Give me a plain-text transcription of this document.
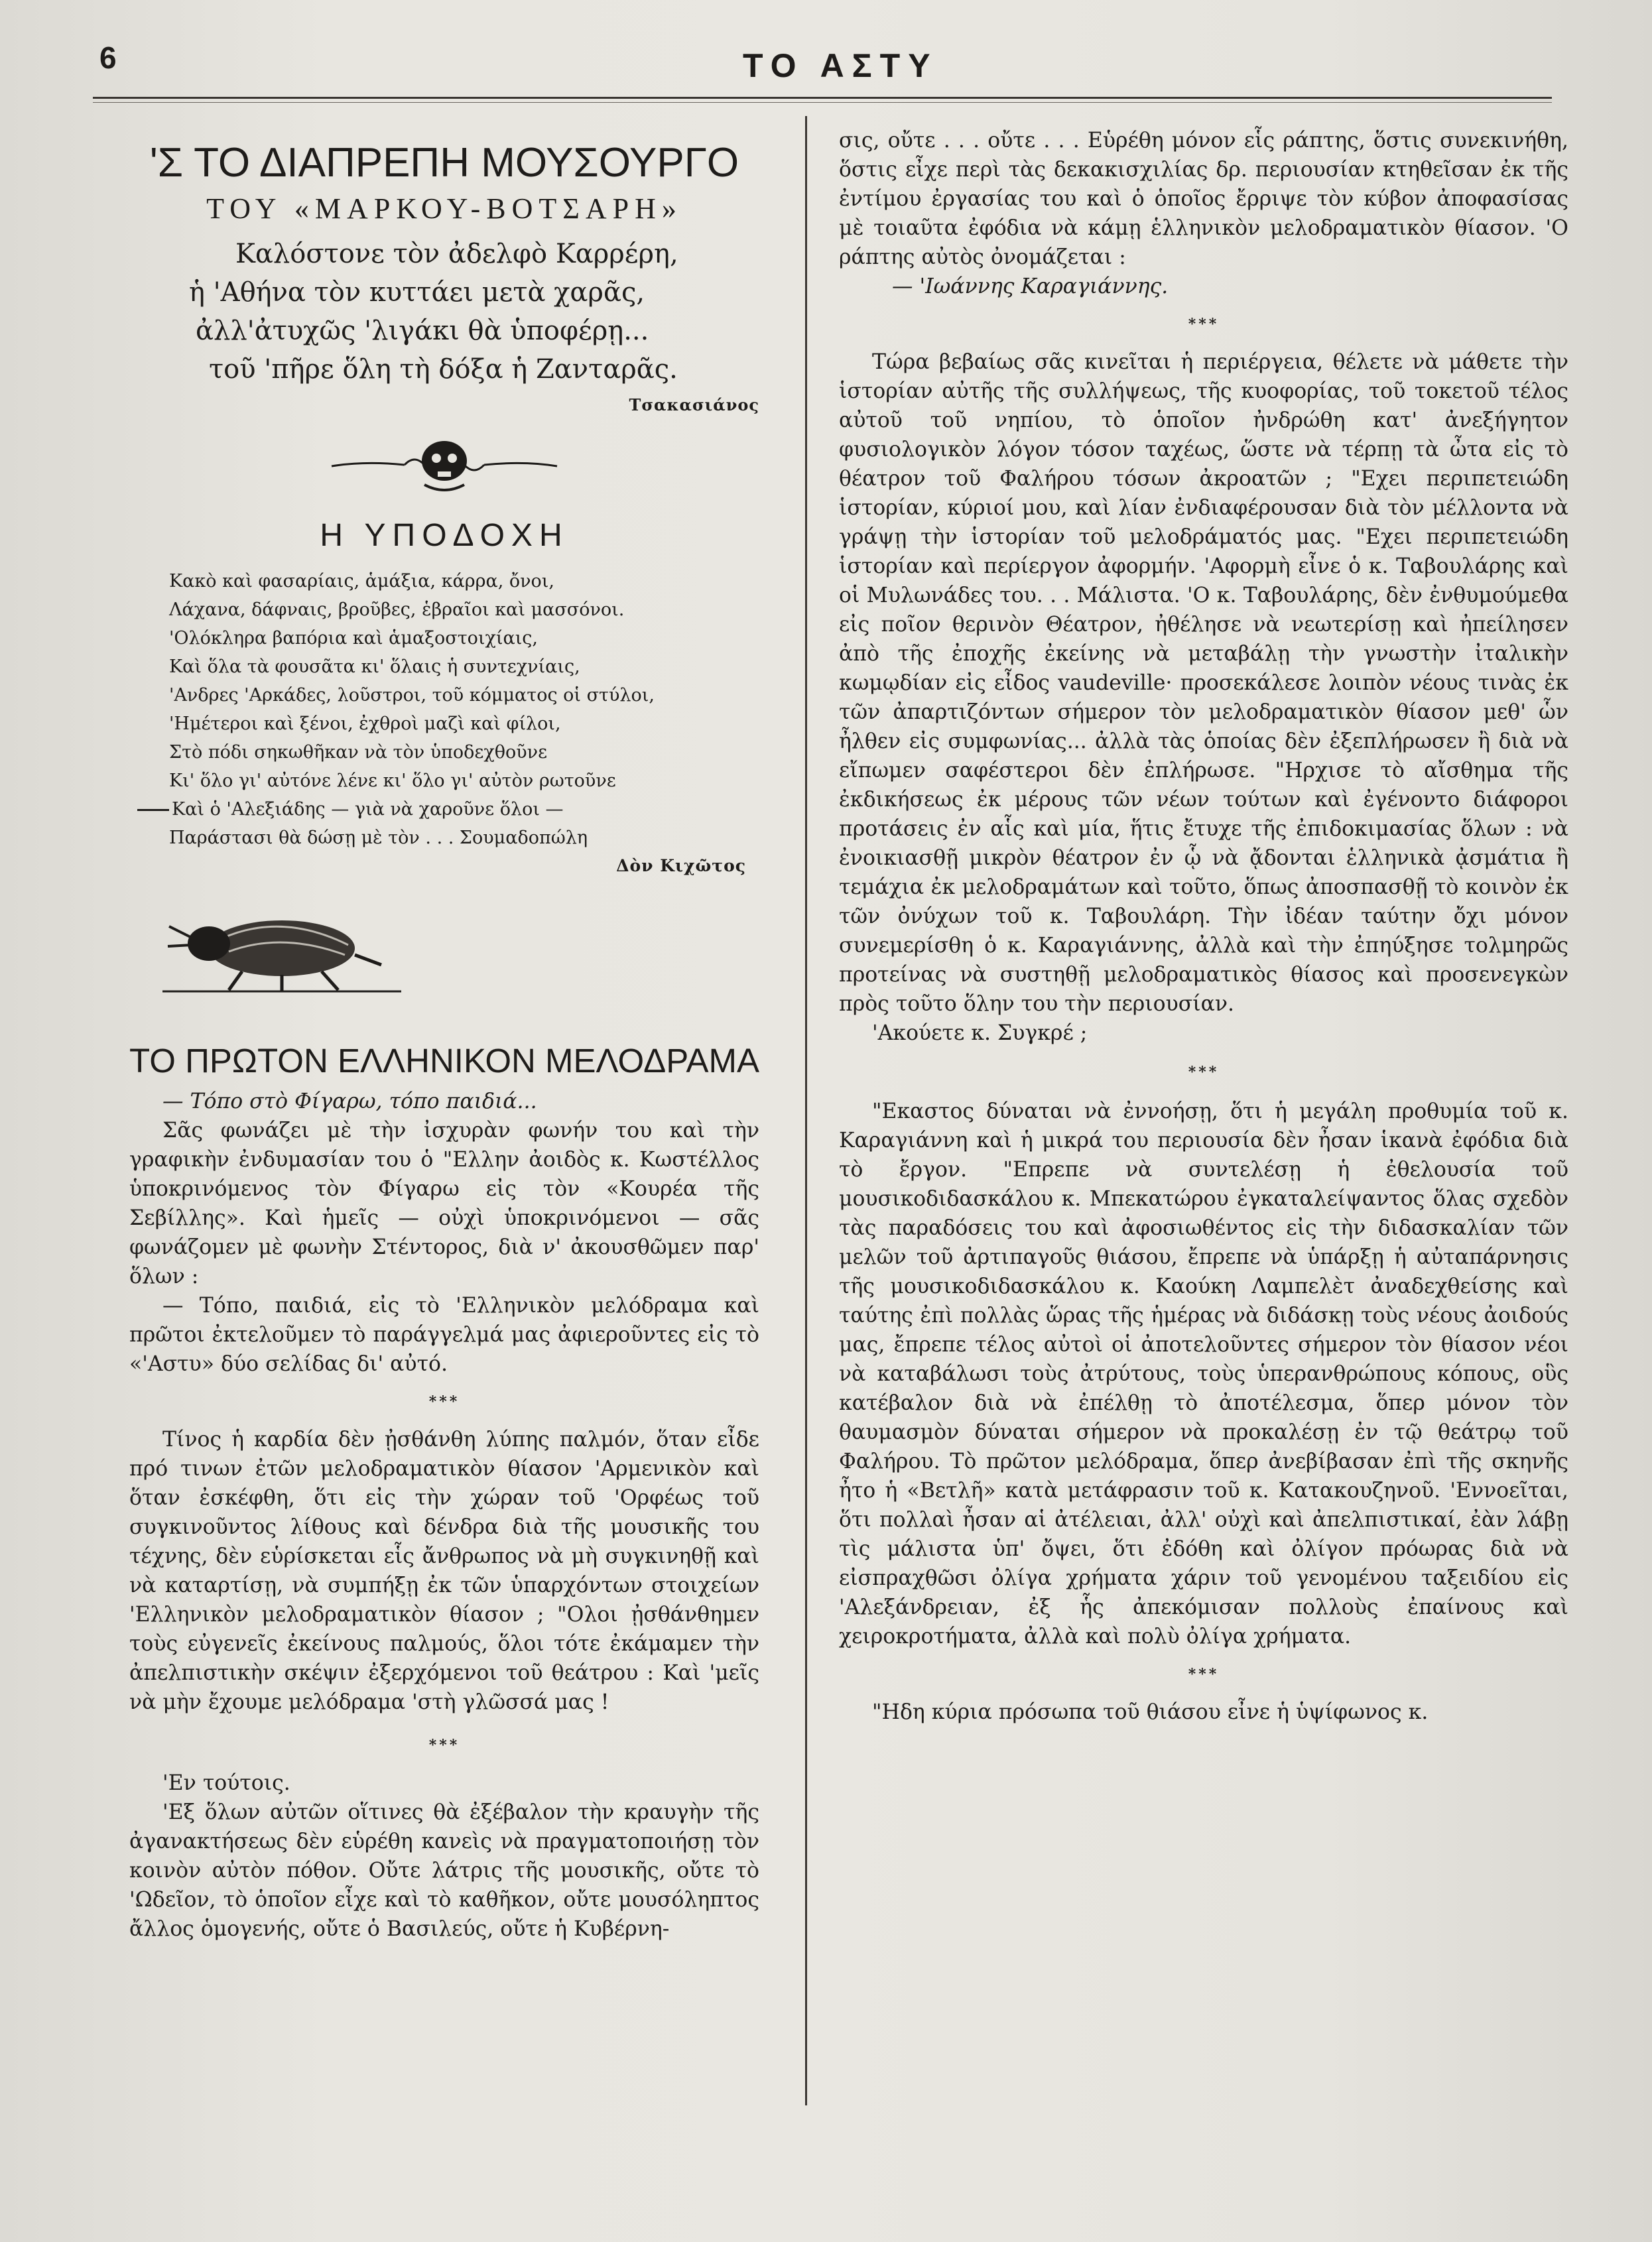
6	ΤΟ ΑΣΤΥ
'Σ ΤΟ ΔΙΑΠΡΕΠΗ ΜΟΥΣΟΥΡΓΟ
ΤΟΥ «ΜΑΡΚΟΥ-ΒΟΤΣΑΡΗ»

Καλόστονε τὸν ἀδελφὸ Καρρέρη,

ἡ 'Αθήνα τὸν κυττάει μετὰ χαρᾶς,

ἀλλ'ἀτυχῶς 'λιγάκι θὰ ὑποφέρῃ...

τοῦ 'πῆρε ὅλη τὴ δόξα ἡ Ζανταρᾶς.

Τσακασιάνος

Η ΥΠΟΔΟΧΗ

Κακὸ καὶ φασαρίαις, ἁμάξια, κάρρα, ὄνοι,

Λάχανα, δάφναις, βροῦβες, ἑβραῖοι καὶ μασσόνοι.

'Ολόκληρα βαπόρια καὶ ἁμαξοστοιχίαις,

Καὶ ὅλα τὰ φουσᾶτα κι' ὅλαις ἡ συντεχνίαις,

'Ανδρες 'Αρκάδες, λοῦστροι, τοῦ κόμματος οἱ στύλοι,

'Ημέτεροι καὶ ξένοι, ἐχθροὶ μαζὶ καὶ φίλοι,

Στὸ πόδι σηκωθῆκαν νὰ τὸν ὑποδεχθοῦνε

Κι' ὅλο γι' αὐτόνε λένε κι' ὅλο γι' αὐτὸν ρωτοῦνε

Καὶ ὁ 'Αλεξιάδης — γιὰ νὰ χαροῦνε ὅλοι —

Παράστασι θὰ δώσῃ μὲ τὸν . . . Σουμαδοπώλη

Δὸν Κιχῶτος

ΤΟ ΠΡΩΤΟΝ ΕΛΛΗΝΙΚΟΝ ΜΕΛΟΔΡΑΜΑ

— Τόπο στὸ Φίγαρω, τόπο παιδιά...

Σᾶς φωνάζει μὲ τὴν ἰσχυρὰν φωνήν του καὶ τὴν γραφικὴν ἐνδυμασίαν του ὁ "Ελλην ἀοιδὸς κ. Κωστέλλος ὑποκρινόμενος τὸν Φίγαρω εἰς τὸν «Κουρέα τῆς Σεβίλλης». Καὶ ἡμεῖς — οὐχὶ ὑποκρινόμενοι — σᾶς φωνάζομεν μὲ φωνὴν Στέντορος, διὰ ν' ἀκουσθῶμεν παρ' ὅλων :

— Τόπο, παιδιά, εἰς τὸ 'Ελληνικὸν μελόδραμα καὶ πρῶτοι ἐκτελοῦμεν τὸ παράγγελμά μας ἀφιεροῦντες εἰς τὸ «'Αστυ» δύο σελίδας δι' αὐτό.

***

Τίνος ἡ καρδία δὲν ᾐσθάνθη λύπης παλμόν, ὅταν εἶδε πρό τινων ἐτῶν μελοδραματικὸν θίασον 'Αρμενικὸν καὶ ὅταν ἐσκέφθη, ὅτι εἰς τὴν χώραν τοῦ 'Ορφέως τοῦ συγκινοῦντος λίθους καὶ δένδρα διὰ τῆς μουσικῆς του τέχνης, δὲν εὑρίσκεται εἷς ἄνθρωπος νὰ μὴ συγκινηθῇ καὶ νὰ καταρτίσῃ, νὰ συμπήξῃ ἐκ τῶν ὑπαρχόντων στοιχείων 'Ελληνικὸν μελοδραματικὸν θίασον ; "Ολοι ᾐσθάνθημεν τοὺς εὐγενεῖς ἐκείνους παλμούς, ὅλοι τότε ἐκάμαμεν τὴν ἀπελπιστικὴν σκέψιν ἐξερχόμενοι τοῦ θεάτρου : Καὶ 'μεῖς νὰ μὴν ἔχουμε μελόδραμα 'στὴ γλῶσσά μας !

***

'Εν τούτοις.

'Εξ ὅλων αὐτῶν οἵτινες θὰ ἐξέβαλον τὴν κραυγὴν τῆς ἀγανακτήσεως δὲν εὑρέθη κανεὶς νὰ πραγματοποιήσῃ τὸν κοινὸν αὐτὸν πόθον. Οὔτε λάτρις τῆς μουσικῆς, οὔτε τὸ 'Ωδεῖον, τὸ ὁποῖον εἶχε καὶ τὸ καθῆκον, οὔτε μουσόληπτος ἄλλος ὁμογενής, οὔτε ὁ Βασιλεύς, οὔτε ἡ Κυβέρνη-

σις, οὔτε . . . οὔτε . . . Εὑρέθη μόνον εἷς ράπτης, ὅστις συνεκινήθη, ὅστις εἶχε περὶ τὰς δεκακισχιλίας δρ. περιουσίαν κτηθεῖσαν ἐκ τῆς ἐντίμου ἐργασίας του καὶ ὁ ὁποῖος ἔρριψε τὸν κύβον ἀποφασίσας μὲ τοιαῦτα ἐφόδια νὰ κάμῃ ἑλληνικὸν μελοδραματικὸν θίασον. 'Ο ράπτης αὐτὸς ὀνομάζεται :

— 'Ιωάννης Καραγιάννης.

***

Τώρα βεβαίως σᾶς κινεῖται ἡ περιέργεια, θέλετε νὰ μάθετε τὴν ἱστορίαν αὐτῆς τῆς συλλήψεως, τῆς κυοφορίας, τοῦ τοκετοῦ τέλος αὐτοῦ τοῦ νηπίου, τὸ ὁποῖον ἠνδρώθη κατ' ἀνεξήγητον φυσιολογικὸν λόγον τόσον ταχέως, ὥστε νὰ τέρπῃ τὰ ὦτα εἰς τὸ θέατρον τοῦ Φαλήρου τόσων ἀκροατῶν ; "Εχει περιπετειώδη ἱστορίαν, κύριοί μου, καὶ λίαν ἐνδιαφέρουσαν διὰ τὸν μέλλοντα νὰ γράψῃ τὴν ἱστορίαν τοῦ μελοδράματός μας. "Εχει περιπετειώδη ἱστορίαν καὶ περίεργον ἀφορμήν. 'Αφορμὴ εἶνε ὁ κ. Ταβουλάρης καὶ οἱ Μυλωνάδες του. . . Μάλιστα. 'Ο κ. Ταβουλάρης, δὲν ἐνθυμούμεθα εἰς ποῖον θερινὸν Θέατρον, ἠθέλησε νὰ νεωτερίσῃ καὶ ἠπείλησεν ἀπὸ τῆς ἐποχῆς ἐκείνης νὰ μεταβάλῃ τὴν γνωστὴν ἰταλικὴν κωμῳδίαν εἰς εἶδος vaudeville· προσεκάλεσε λοιπὸν νέους τινὰς ἐκ τῶν ἀπαρτιζόντων σήμερον τὸν μελοδραματικὸν θίασον μεθ' ὧν ἦλθεν εἰς συμφωνίας... ἀλλὰ τὰς ὁποίας δὲν ἐξεπλήρωσεν ἢ διὰ νὰ εἴπωμεν σαφέστεροι δὲν ἐπλήρωσε. "Ηρχισε τὸ αἴσθημα τῆς ἐκδικήσεως ἐκ μέρους τῶν νέων τούτων καὶ ἐγένοντο διάφοροι προτάσεις ἐν αἷς καὶ μία, ἥτις ἔτυχε τῆς ἐπιδοκιμασίας ὅλων : νὰ ἐνοικιασθῇ μικρὸν θέατρον ἐν ᾧ νὰ ᾄδονται ἑλληνικὰ ᾀσμάτια ἢ τεμάχια ἐκ μελοδραμάτων καὶ τοῦτο, ὅπως ἀποσπασθῇ τὸ κοινὸν ἐκ τῶν ὀνύχων τοῦ κ. Ταβουλάρη. Τὴν ἰδέαν ταύτην ὄχι μόνον συνεμερίσθη ὁ κ. Καραγιάννης, ἀλλὰ καὶ τὴν ἐπηύξησε τολμηρῶς προτείνας νὰ συστηθῇ μελοδραματικὸς θίασος καὶ προσενεγκὼν πρὸς τοῦτο ὅλην του τὴν περιουσίαν.

'Ακούετε κ. Συγκρέ ;

***

"Εκαστος δύναται νὰ ἐννοήσῃ, ὅτι ἡ μεγάλη προθυμία τοῦ κ. Καραγιάννη καὶ ἡ μικρά του περιουσία δὲν ἦσαν ἱκανὰ ἐφόδια διὰ τὸ ἔργον. "Επρεπε νὰ συντελέσῃ ἡ ἐθελουσία τοῦ μουσικοδιδασκάλου κ. Μπεκατώρου ἐγκαταλείψαντος ὅλας σχεδὸν τὰς παραδόσεις του καὶ ἀφοσιωθέντος εἰς τὴν διδασκαλίαν τῶν μελῶν τοῦ ἀρτιπαγοῦς θιάσου, ἔπρεπε νὰ ὑπάρξῃ ἡ αὐταπάρνησις τῆς μουσικοδιδασκάλου κ. Καούκη Λαμπελὲτ ἀναδεχθείσης καὶ ταύτης ἐπὶ πολλὰς ὥρας τῆς ἡμέρας νὰ διδάσκῃ τοὺς νέους ἀοιδούς μας, ἔπρεπε τέλος αὐτοὶ οἱ ἀποτελοῦντες σήμερον τὸν θίασον νέοι νὰ καταβάλωσι τοὺς ἀτρύτους, τοὺς ὑπερανθρώπους κόπους, οὓς κατέβαλον διὰ νὰ ἐπέλθῃ τὸ ἀποτέλεσμα, ὅπερ μόνον τὸν θαυμασμὸν δύναται σήμερον νὰ προκαλέσῃ ἐν τῷ θεάτρῳ τοῦ Φαλήρου. Τὸ πρῶτον μελόδραμα, ὅπερ ἀνεβίβασαν ἐπὶ τῆς σκηνῆς ἦτο ἡ «Βετλῆ» κατὰ μετάφρασιν τοῦ κ. Κατακουζηνοῦ. 'Εννοεῖται, ὅτι πολλαὶ ἦσαν αἱ ἀτέλειαι, ἀλλ' οὐχὶ καὶ ἀπελπιστικαί, ἐὰν λάβῃ τὶς μάλιστα ὑπ' ὄψει, ὅτι ἐδόθη καὶ ὀλίγον πρόωρας διὰ νὰ εἰσπραχθῶσι ὀλίγα χρήματα χάριν τοῦ γενομένου ταξειδίου εἰς 'Αλεξάνδρειαν, ἐξ ἧς ἀπεκόμισαν πολλοὺς ἐπαίνους καὶ χειροκροτήματα, ἀλλὰ καὶ πολὺ ὀλίγα χρήματα.

***

"Ηδη κύρια πρόσωπα τοῦ θιάσου εἶνε ἡ ὑψίφωνος κ.
